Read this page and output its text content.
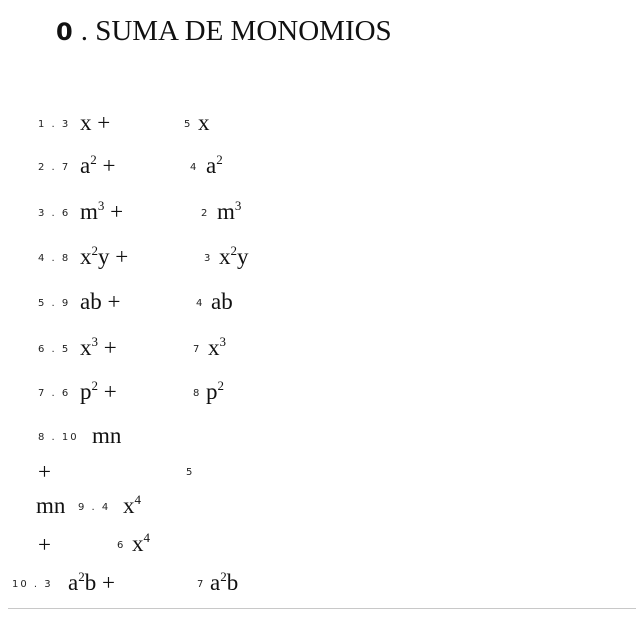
0 . SUMA DE MONOMIOS
1 . 3 x +	5 x
2 . 7 $a^2$ +	4 $a^2$
3 . 6 $m^3$ +	2 $m^3$
4 . 8 $x^2y$ +	3 $x^2y$
5 . 9 ab +	4 ab
6 . 5 $x^3$ +	7 $x^3$
7 . 6 $p^2$ +	8 $p^2$
8 . 10 mn
+	5
mn 9 . 4 $x^4$
+	6 $x^4$
10 . 3 $a^2b$ +	7 $a^2b$
